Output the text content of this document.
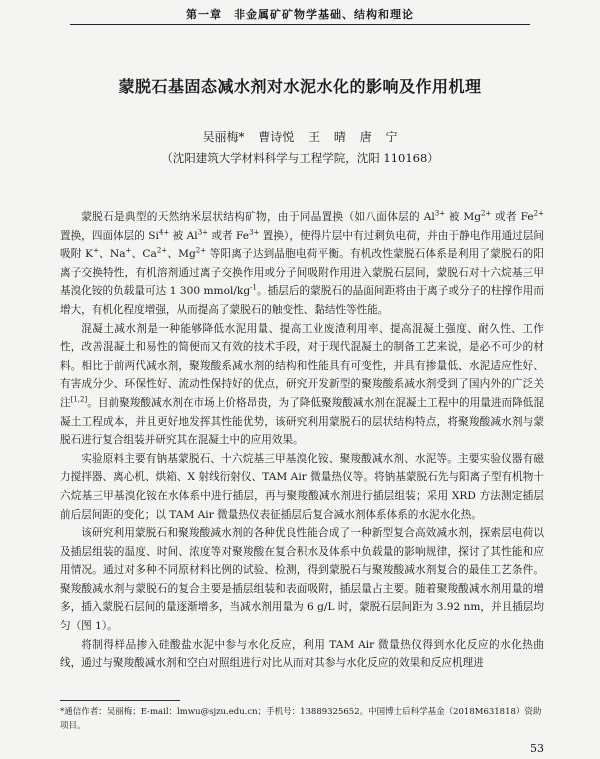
第一章　非金属矿矿物学基础、结构和理论
蒙脱石基固态减水剂对水泥水化的影响及作用机理
吴丽梅* 曹诗悦 王 晴 唐 宁
（沈阳建筑大学材料科学与工程学院，沈阳 110168）

蒙脱石是典型的天然纳米层状结构矿物，由于同晶置换（如八面体层的 $Al^{3+}$ 被 $Mg^{2+}$ 或者 $Fe^{2+}$ 置换，四面体层的 $Si^{4+}$ 被 $Al^{3+}$ 或者 $Fe^{3+}$ 置换），使得片层中有过剩负电荷，并由于静电作用通过层间吸附 K+、Na+、$Ca^{2+}$、$Mg^{2+}$ 等阳离子达到晶胞电荷平衡。有机改性蒙脱石体系是利用了蒙脱石的阳离子交换特性，有机溶剂通过离子交换作用或分子间吸附作用进入蒙脱石层间，蒙脱石对十六烷基三甲基溴化铵的负载量可达 1 300 mmol/$kg^{-1}$。插层后的蒙脱石的晶面间距将由于离子或分子的柱撑作用而增大，有机化程度增强，从而提高了蒙脱石的触变性、黏结性等性能。

混凝土减水剂是一种能够降低水泥用量、提高工业废渣利用率、提高混凝土强度、耐久性、工作性，改善混凝土和易性的简便而又有效的技术手段，对于现代混凝土的制备工艺来说，是必不可少的材料。相比于前两代减水剂，聚羧酸系减水剂的结构和性能具有可变性，并具有掺量低、水泥适应性好、有害成分少、环保性好、流动性保持好的优点，研究开发新型的聚羧酸系减水剂受到了国内外的广泛关注[1,2]。目前聚羧酸减水剂在市场上价格昂贵，为了降低聚羧酸减水剂在混凝土工程中的用量进而降低混凝土工程成本，并且更好地发挥其性能优势，该研究利用蒙脱石的层状结构特点，将聚羧酸减水剂与蒙脱石进行复合组装并研究其在混凝土中的应用效果。

实验原料主要有钠基蒙脱石、十六烷基三甲基溴化铵、聚羧酸减水剂、水泥等。主要实验仪器有磁力搅拌器、离心机、烘箱、X 射线衍射仪、TAM Air 微量热仪等。将钠基蒙脱石先与阳离子型有机物十六烷基三甲基溴化铵在水体系中进行插层，再与聚羧酸减水剂进行插层组装；采用 XRD 方法测定插层前后层间距的变化；以 TAM Air 微量热仪表征插层后复合减水剂体系体系的水泥水化热。

该研究利用蒙脱石和聚羧酸减水剂的各种优良性能合成了一种新型复合高效减水剂，探索层电荷以及插层组装的温度、时间、浓度等对聚羧酸在复合积水及体系中负载量的影响规律，探讨了其性能和应用情况。通过对多种不同原材料比例的试验、检测，得到蒙脱石与聚羧酸减水剂复合的最佳工艺条件。聚羧酸减水剂与蒙脱石的复合主要是插层组装和表面吸附，插层量占主要。随着聚羧酸减水剂用量的增多，插入蒙脱石层间的量逐渐增多，当减水剂用量为 6 g/L 时，蒙脱石层间距为 3.92 nm，并且插层均匀（图 1）。

将制得样品掺入硅酸盐水泥中参与水化反应，利用 TAM Air 微量热仪得到水化反应的水化热曲线，通过与聚羧酸减水剂和空白对照组进行对比从而对其参与水化反应的效果和反应机理进

*通信作者：吴丽梅；E-mail：lmwu@sjzu.edu.cn；手机号：13889325652。中国博士后科学基金（2018M631818）资助项目。
53
